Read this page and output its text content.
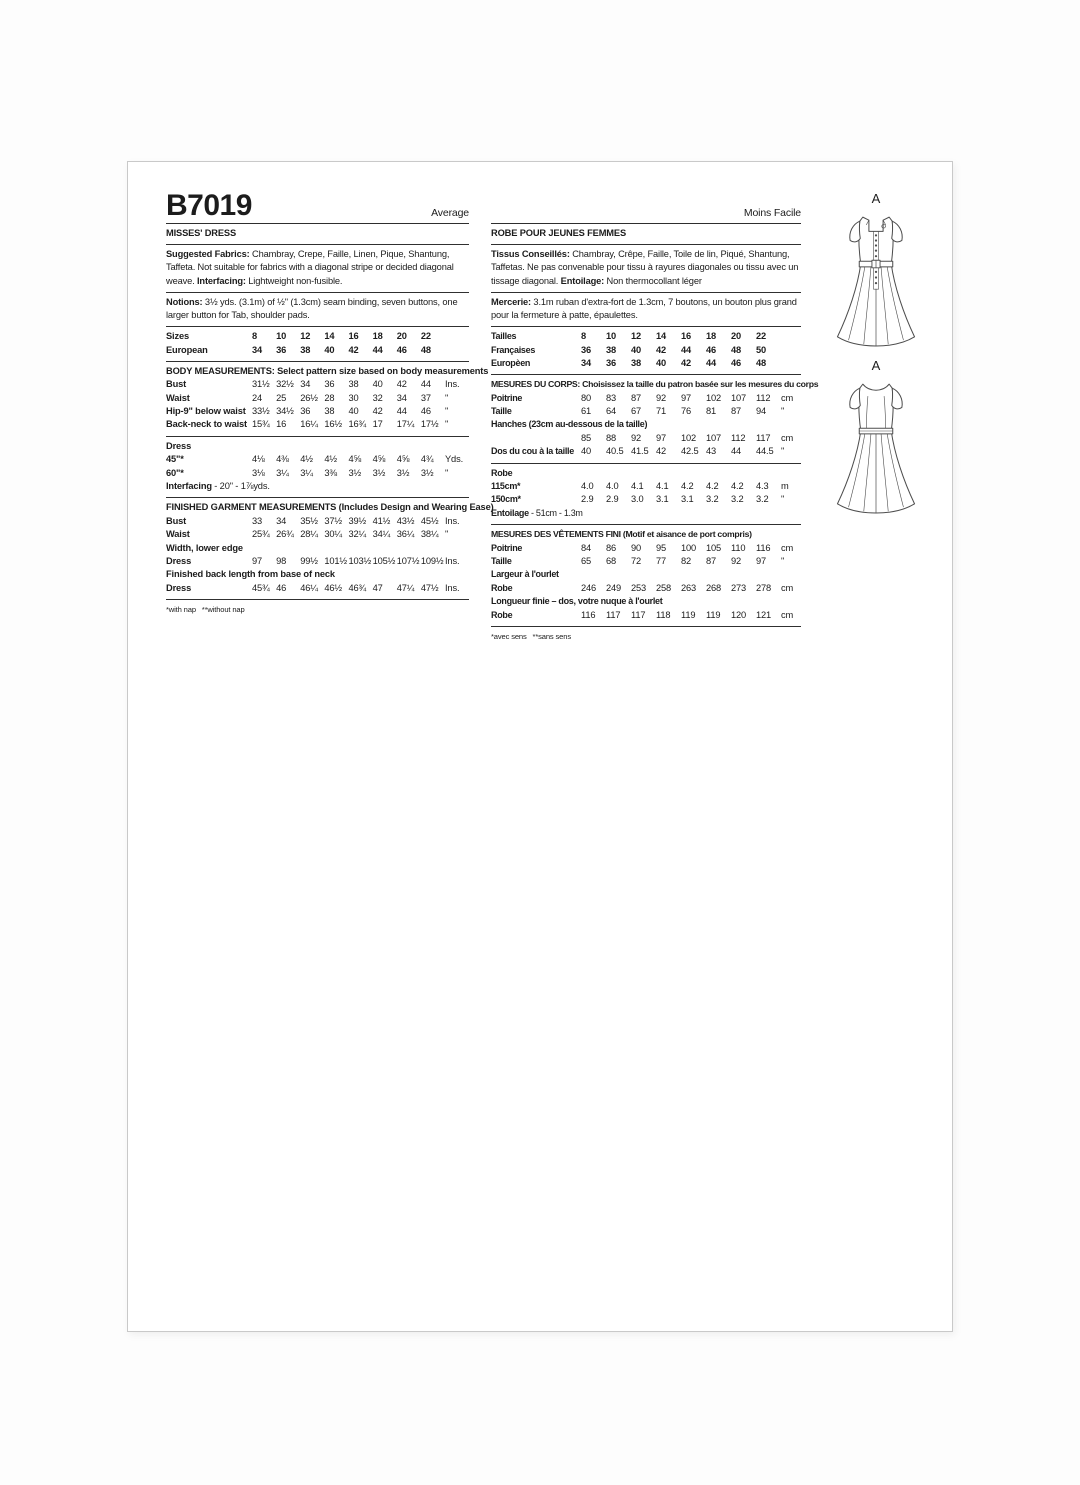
B7019	Average
MISSES' DRESS

Suggested Fabrics: Chambray, Crepe, Faille, Linen, Pique, Shantung, Taffeta. Not suitable for fabrics with a diagonal stripe or decided diagonal weave. Interfacing: Lightweight non-fusible.

Notions: 3½ yds. (3.1m) of ½" (1.3cm) seam binding, seven buttons, one larger button for Tab, shoulder pads.

Sizes	8	10	12	14	16	18	20	22
European	34	36	38	40	42	44	46	48
BODY MEASUREMENTS: Select pattern size based on body measurements
Bust	31½ 32½ 34	36	38	40	42	44	Ins.
Waist	24	25	26½ 28	30	32	34	37	"
Hip-9" below waist 33½ 34½ 36	38	40	42	44	46	"
Back-neck to waist 15¾ 16	16¼ 16½ 16¾ 17	17¼ 17½ "
Dress
45"*	4⅛	4⅜	4½	4½	4⅝	4⅝	4⅝	4¾	Yds.
60"*	3⅛	3¼	3¼	3⅜	3½	3½	3½	3½	"
Interfacing - 20" - 1⅞yds.
FINISHED GARMENT MEASUREMENTS (Includes Design and Wearing Ease)
Bust	33	34	35½ 37½ 39½ 41½ 43½ 45½ Ins.
Waist	25¾ 26¾ 28¼ 30¼ 32¼ 34¼ 36¼ 38¼ "
Width, lower edge
Dress	97	98	99½ 101½ 103½ 105½ 107½ 109½ Ins.
Finished back length from base of neck
Dress	45¾ 46	46¼ 46½ 46¾ 47	47¼ 47½ Ins.
*with nap   **without nap
Moins Facile
ROBE POUR JEUNES FEMMES

Tissus Conseillés: Chambray, Crêpe, Faille, Toile de lin, Piqué, Shantung, Taffetas. Ne pas convenable pour tissu à rayures diagonales ou tissu avec un tissage diagonal. Entoilage: Non thermocollant léger

Mercerie: 3.1m ruban d'extra-fort de 1.3cm, 7 boutons, un bouton plus grand pour la fermeture à patte, épaulettes.

Tailles	8	10	12	14	16	18	20	22
Françaises	36	38	40	42	44	46	48	50
Europèen	34	36	38	40	42	44	46	48
MESURES DU CORPS: Choisissez la taille du patron basée sur les mesures du corps
Poitrine	80	83	87	92	97	102	107	112	cm
Taille	61	64	67	71	76	81	87	94	"
Hanches (23cm au-dessous de la taille)
85	88	92	97	102	107	112	117	cm
Dos du cou à la taille 40	40.5 41.5 42	42.5 43	44	44.5 "
Robe
115cm*	4.0	4.0	4.1	4.1	4.2	4.2	4.2	4.3	m
150cm*	2.9	2.9	3.0	3.1	3.1	3.2	3.2	3.2	"
Entoilage - 51cm - 1.3m
MESURES DES VÊTEMENTS FINI (Motif et aisance de port compris)
Poitrine	84	86	90	95	100	105	110	116	cm
Taille	65	68	72	77	82	87	92	97	"
Largeur à l'ourlet
Robe	246	249	253	258	263	268	273	278	cm
Longueur finie – dos, votre nuque à l'ourlet
Robe	116	117	117	118	119	119	120	121	cm
*avec sens   **sans sens
A
A
